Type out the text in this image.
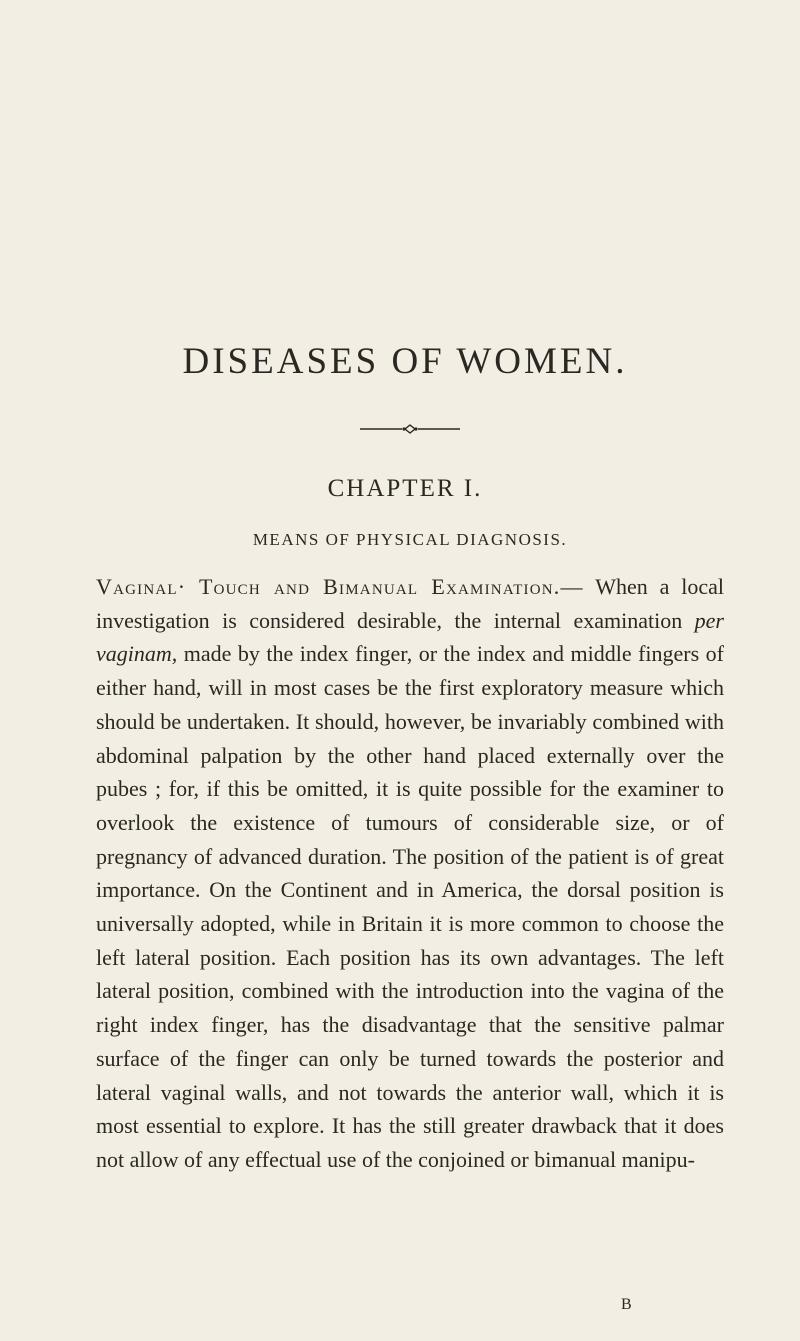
DISEASES OF WOMEN.
CHAPTER I.
MEANS OF PHYSICAL DIAGNOSIS.

Vaginal· Touch and Bimanual Examination.— When a local investigation is considered desirable, the internal examination per vaginam, made by the index finger, or the index and middle fingers of either hand, will in most cases be the first exploratory measure which should be undertaken. It should, however, be invariably combined with abdominal palpation by the other hand placed externally over the pubes ; for, if this be omitted, it is quite possible for the examiner to overlook the existence of tumours of considerable size, or of pregnancy of advanced duration. The position of the patient is of great importance. On the Continent and in America, the dorsal position is universally adopted, while in Britain it is more common to choose the left lateral position. Each position has its own advantages. The left lateral position, combined with the introduction into the vagina of the right index finger, has the disadvantage that the sensitive palmar surface of the finger can only be turned towards the posterior and lateral vaginal walls, and not towards the anterior wall, which it is most essential to explore. It has the still greater drawback that it does not allow of any effectual use of the conjoined or bimanual manipu-

B
